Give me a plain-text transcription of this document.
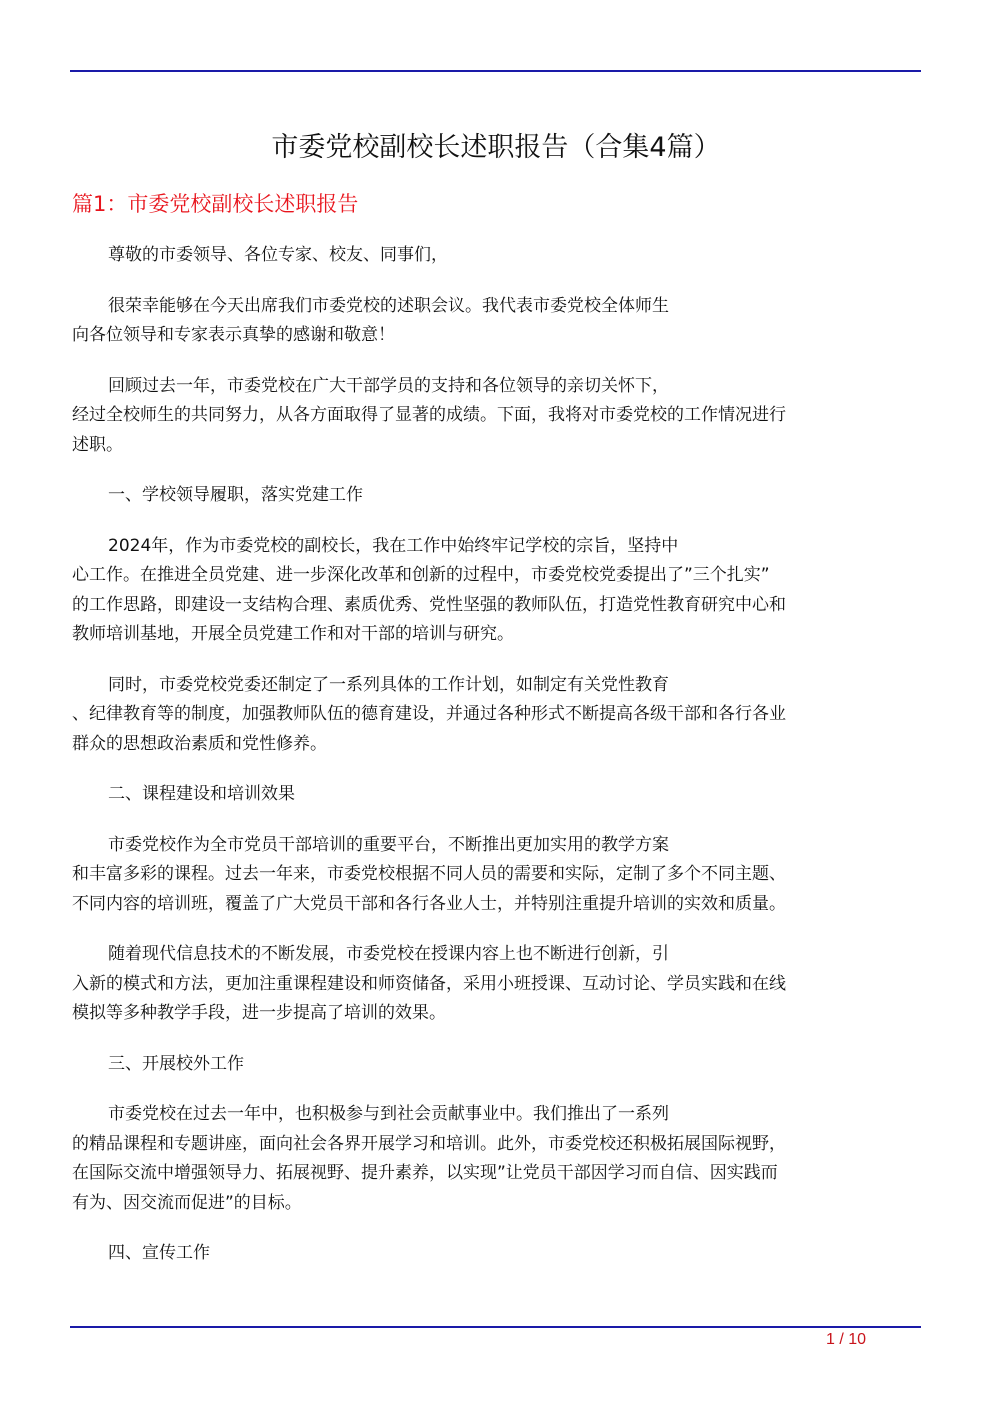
市委党校副校长述职报告（合集4篇）
篇1：市委党校副校长述职报告
尊敬的市委领导、各位专家、校友、同事们，
很荣幸能够在今天出席我们市委党校的述职会议。我代表市委党校全体师生
向各位领导和专家表示真挚的感谢和敬意！
回顾过去一年，市委党校在广大干部学员的支持和各位领导的亲切关怀下，
经过全校师生的共同努力，从各方面取得了显著的成绩。下面，我将对市委党校的工作情况进行
述职。
一、学校领导履职，落实党建工作
2024年，作为市委党校的副校长，我在工作中始终牢记学校的宗旨，坚持中
心工作。在推进全员党建、进一步深化改革和创新的过程中，市委党校党委提出了”三个扎实”
的工作思路，即建设一支结构合理、素质优秀、党性坚强的教师队伍，打造党性教育研究中心和
教师培训基地，开展全员党建工作和对干部的培训与研究。
同时，市委党校党委还制定了一系列具体的工作计划，如制定有关党性教育
、纪律教育等的制度，加强教师队伍的德育建设，并通过各种形式不断提高各级干部和各行各业
群众的思想政治素质和党性修养。
二、课程建设和培训效果
市委党校作为全市党员干部培训的重要平台，不断推出更加实用的教学方案
和丰富多彩的课程。过去一年来，市委党校根据不同人员的需要和实际，定制了多个不同主题、
不同内容的培训班，覆盖了广大党员干部和各行各业人士，并特别注重提升培训的实效和质量。
随着现代信息技术的不断发展，市委党校在授课内容上也不断进行创新，引
入新的模式和方法，更加注重课程建设和师资储备，采用小班授课、互动讨论、学员实践和在线
模拟等多种教学手段，进一步提高了培训的效果。
三、开展校外工作
市委党校在过去一年中，也积极参与到社会贡献事业中。我们推出了一系列
的精品课程和专题讲座，面向社会各界开展学习和培训。此外，市委党校还积极拓展国际视野，
在国际交流中增强领导力、拓展视野、提升素养，以实现”让党员干部因学习而自信、因实践而
有为、因交流而促进”的目标。
四、宣传工作
1 / 10
